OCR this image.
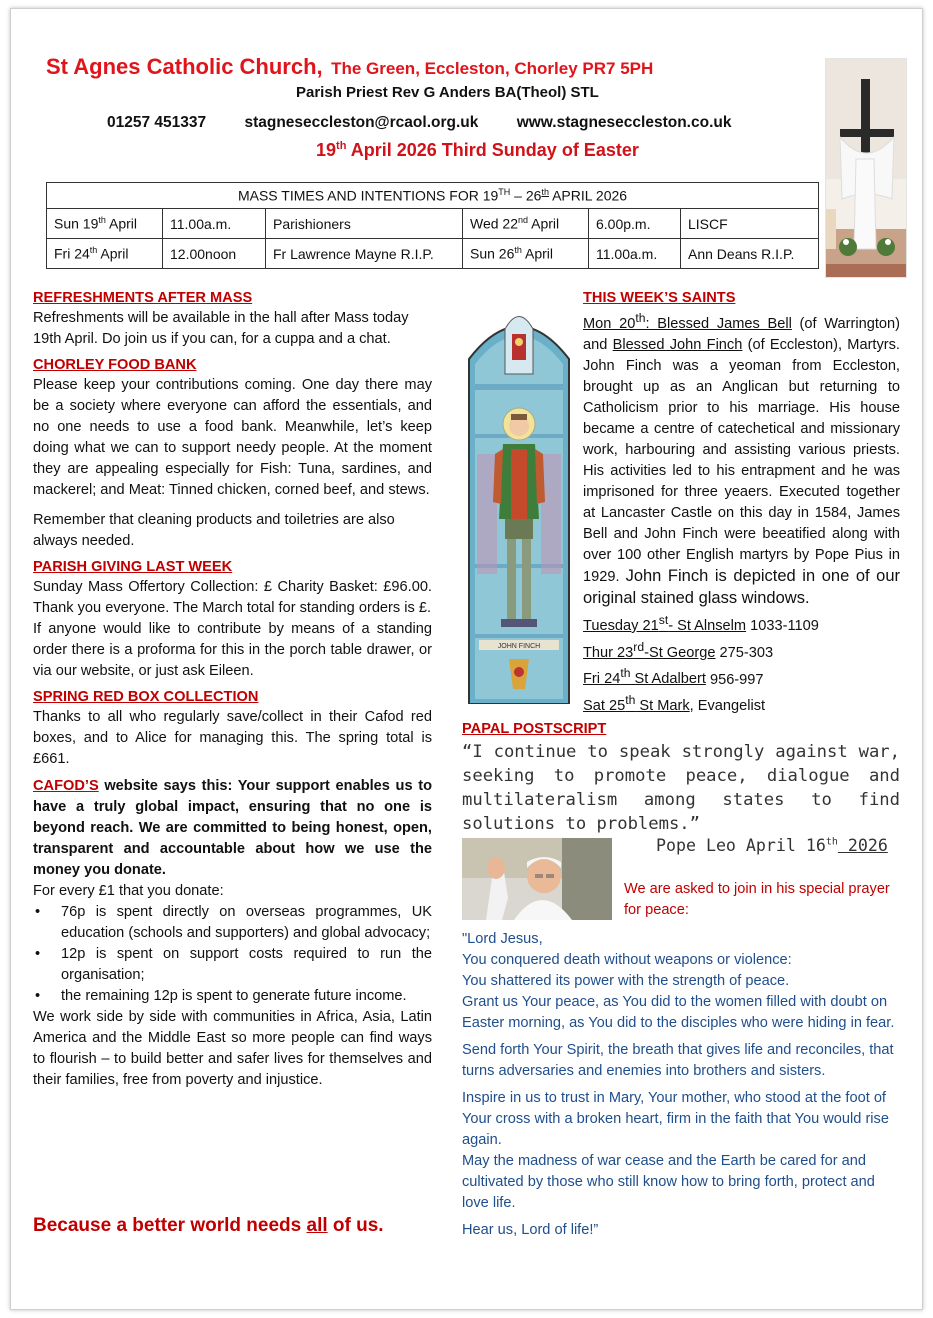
St Agnes Catholic Church, The Green, Eccleston, Chorley PR7 5PH
Parish Priest Rev G Anders BA(Theol) STL
01257 451337 stagneseccleston@rcaol.org.uk www.stagneseccleston.co.uk
19th April 2026 Third Sunday of Easter
MASS TIMES AND INTENTIONS FOR 19TH – 26th APRIL 2026					
Sun 19th April	11.00a.m.	Parishioners	Wed 22nd April	6.00p.m.	LISCF
Fri 24th April	12.00noon	Fr Lawrence Mayne R.I.P.	Sun 26th April	11.00a.m.	Ann Deans R.I.P.
REFRESHMENTS AFTER MASS

Refreshments will be available in the hall after Mass today 19th April. Do join us if you can, for a cuppa and a chat.

CHORLEY FOOD BANK

Please keep your contributions coming. One day there may be a society where everyone can afford the essentials, and no one needs to use a food bank. Meanwhile, let’s keep doing what we can to support needy people. At the moment they are appealing especially for Fish: Tuna, sardines, and mackerel; and Meat: Tinned chicken, corned beef, and stews.

Remember that cleaning products and toiletries are also always needed.

PARISH GIVING LAST WEEK

Sunday Mass Offertory Collection: £ Charity Basket: £96.00. Thank you everyone. The March total for standing orders is £.

If anyone would like to contribute by means of a standing order there is a proforma for this in the porch table drawer, or via our website, or just ask Eileen.

SPRING RED BOX COLLECTION

Thanks to all who regularly save/collect in their Cafod red boxes, and to Alice for managing this. The spring total is £661.

CAFOD’S website says this: Your support enables us to have a truly global impact, ensuring that no one is beyond reach. We are committed to being honest, open, transparent and accountable about how we use the money you donate.

For every £1 that you donate:

• 76p is spent directly on overseas programmes, UK education (schools and supporters) and global advocacy;
• 12p is spent on support costs required to run the organisation;
• the remaining 12p is spent to generate future income.

We work side by side with communities in Africa, Asia, Latin America and the Middle East so more people can find ways to flourish – to build better and safer lives for themselves and their families, free from poverty and injustice.

Because a better world needs all of us.
JOHN FINCH
THIS WEEK’S SAINTS

Mon 20th: Blessed James Bell (of Warrington) and Blessed John Finch (of Eccleston), Martyrs. John Finch was a yeoman from Eccleston, brought up as an Anglican but returning to Catholicism prior to his marriage. His house became a centre of catechetical and missionary work, harbouring and assisting various priests. His activities led to his entrapment and he was imprisoned for three yeaers. Executed together at Lancaster Castle on this day in 1584, James Bell and John Finch were beeatified along with over 100 other English martyrs by Pope Pius in 1929. John Finch is depicted in one of our original stained glass windows.

Tuesday 21st- St Alnselm 1033-1109

Thur 23rd-St George 275-303

Fri 24th St Adalbert 956-997

Sat 25th St Mark, Evangelist

PAPAL POSTSCRIPT
“I continue to speak strongly against war, seeking to promote peace, dialogue and multilateralism among states to find solutions to problems.”
Pope Leo April 16th 2026
We are asked to join in his special prayer for peace:

"Lord Jesus,

You conquered death without weapons or violence:

You shattered its power with the strength of peace.

Grant us Your peace, as You did to the women filled with doubt on Easter morning, as You did to the disciples who were hiding in fear.

Send forth Your Spirit, the breath that gives life and reconciles, that turns adversaries and enemies into brothers and sisters.

Inspire in us to trust in Mary, Your mother, who stood at the foot of Your cross with a broken heart, firm in the faith that You would rise again.

May the madness of war cease and the Earth be cared for and cultivated by those who still know how to bring forth, protect and love life.

Hear us, Lord of life!”
